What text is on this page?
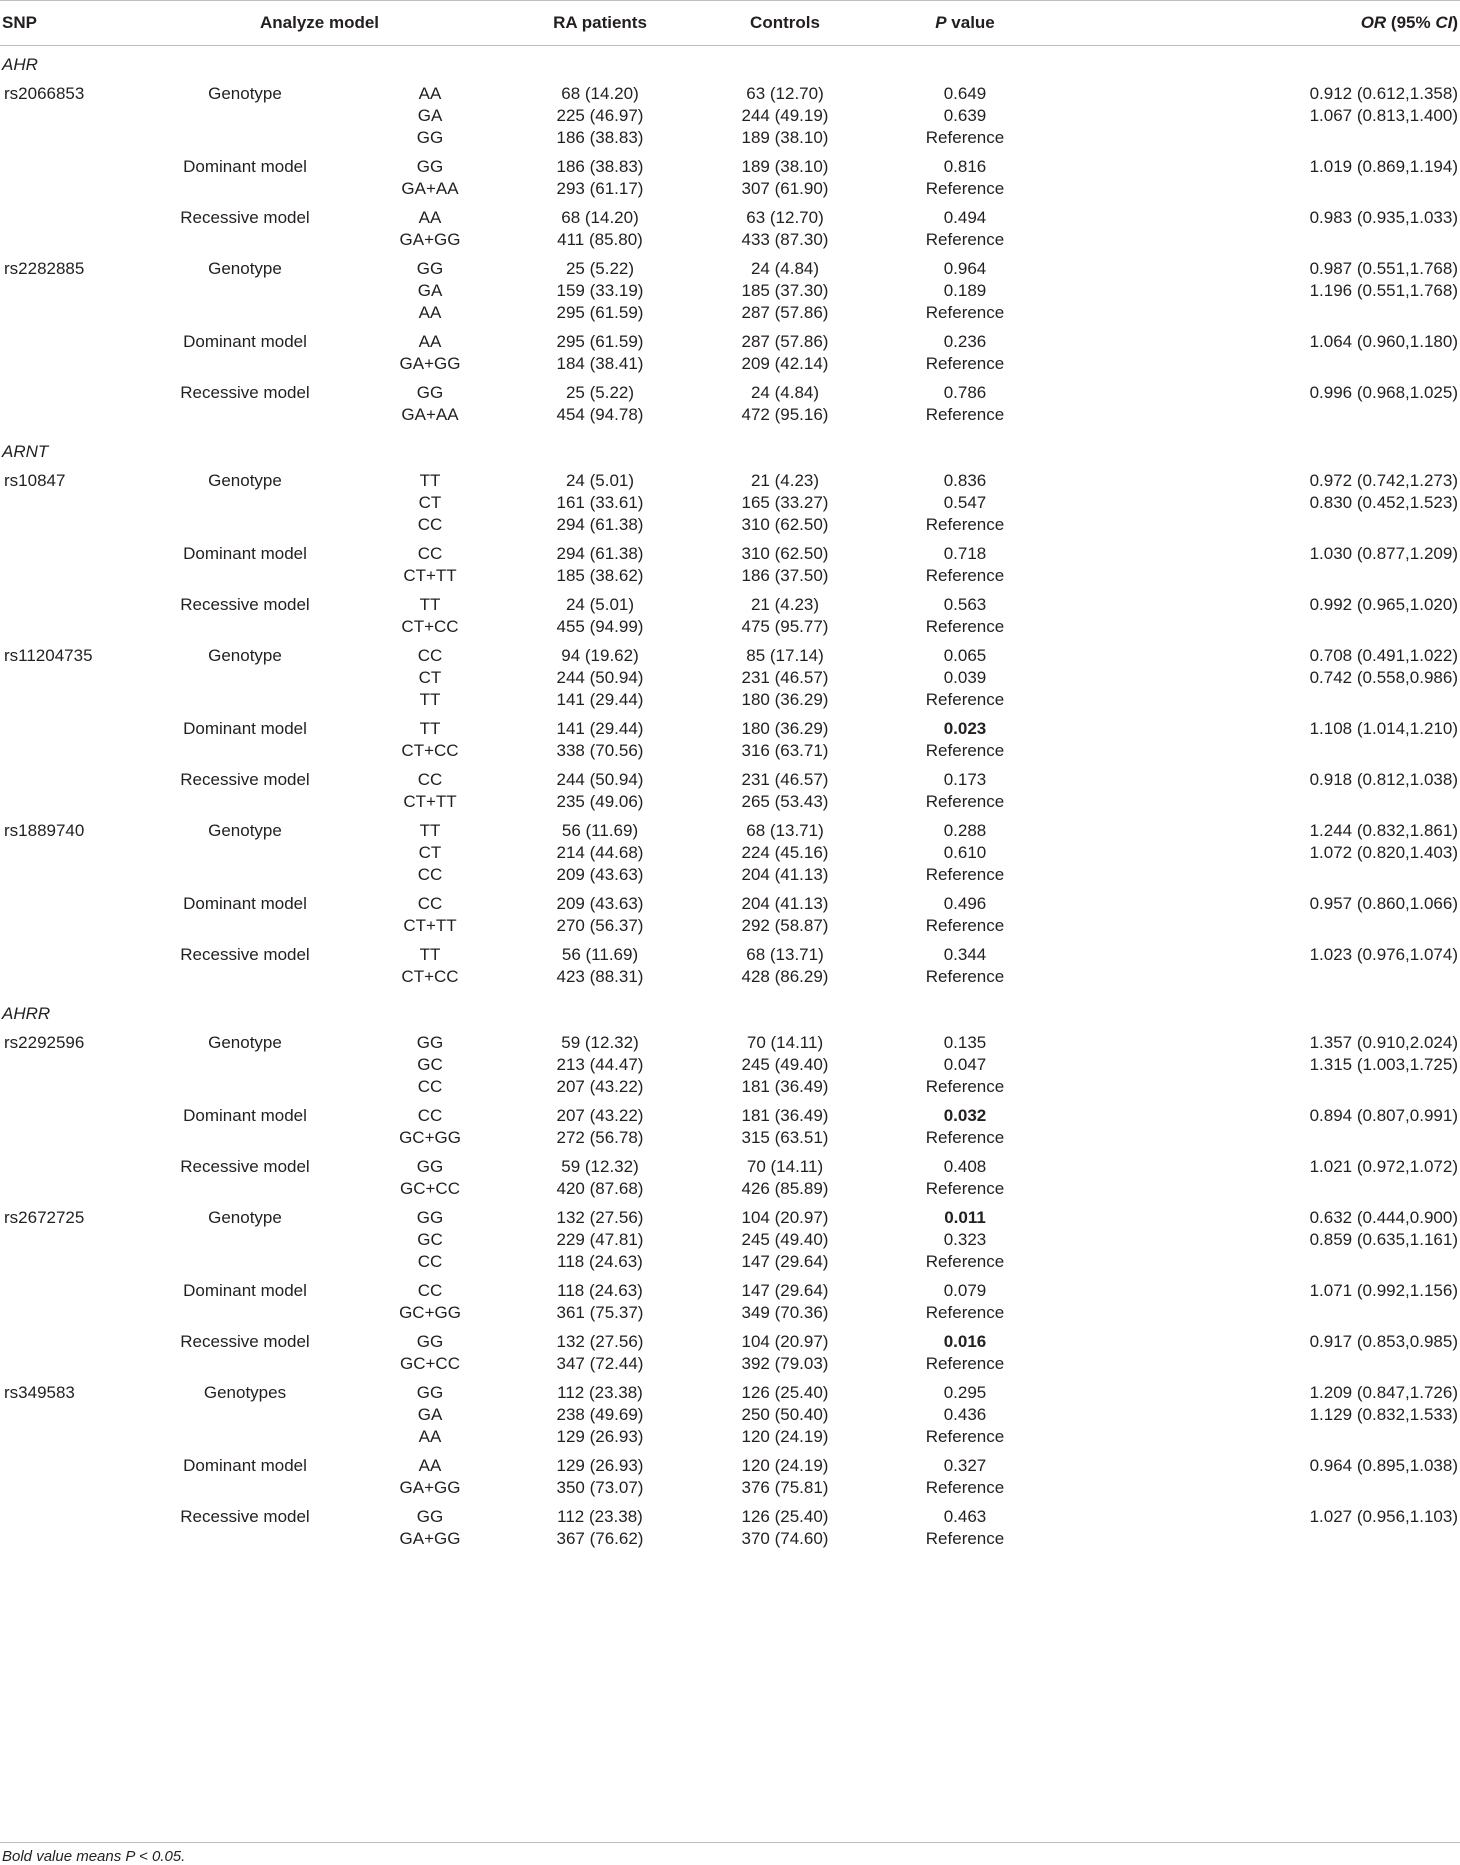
SNP	Analyze model	RA patients	Controls	P value	OR (95% CI)
AHR
rs2066853	Genotype	AA	68 (14.20)	63 (12.70)	0.649	0.912 (0.612,1.358)
GA	225 (46.97)	244 (49.19)	0.639	1.067 (0.813,1.400)
GG	186 (38.83)	189 (38.10)	Reference
Dominant model	GG	186 (38.83)	189 (38.10)	0.816	1.019 (0.869,1.194)
GA+AA	293 (61.17)	307 (61.90)	Reference
Recessive model	AA	68 (14.20)	63 (12.70)	0.494	0.983 (0.935,1.033)
GA+GG	411 (85.80)	433 (87.30)	Reference
rs2282885	Genotype	GG	25 (5.22)	24 (4.84)	0.964	0.987 (0.551,1.768)
GA	159 (33.19)	185 (37.30)	0.189	1.196 (0.551,1.768)
AA	295 (61.59)	287 (57.86)	Reference
Dominant model	AA	295 (61.59)	287 (57.86)	0.236	1.064 (0.960,1.180)
GA+GG	184 (38.41)	209 (42.14)	Reference
Recessive model	GG	25 (5.22)	24 (4.84)	0.786	0.996 (0.968,1.025)
GA+AA	454 (94.78)	472 (95.16)	Reference
ARNT
rs10847	Genotype	TT	24 (5.01)	21 (4.23)	0.836	0.972 (0.742,1.273)
CT	161 (33.61)	165 (33.27)	0.547	0.830 (0.452,1.523)
CC	294 (61.38)	310 (62.50)	Reference
Dominant model	CC	294 (61.38)	310 (62.50)	0.718	1.030 (0.877,1.209)
CT+TT	185 (38.62)	186 (37.50)	Reference
Recessive model	TT	24 (5.01)	21 (4.23)	0.563	0.992 (0.965,1.020)
CT+CC	455 (94.99)	475 (95.77)	Reference
rs11204735	Genotype	CC	94 (19.62)	85 (17.14)	0.065	0.708 (0.491,1.022)
CT	244 (50.94)	231 (46.57)	0.039	0.742 (0.558,0.986)
TT	141 (29.44)	180 (36.29)	Reference
Dominant model	TT	141 (29.44)	180 (36.29)	0.023	1.108 (1.014,1.210)
CT+CC	338 (70.56)	316 (63.71)	Reference
Recessive model	CC	244 (50.94)	231 (46.57)	0.173	0.918 (0.812,1.038)
CT+TT	235 (49.06)	265 (53.43)	Reference
rs1889740	Genotype	TT	56 (11.69)	68 (13.71)	0.288	1.244 (0.832,1.861)
CT	214 (44.68)	224 (45.16)	0.610	1.072 (0.820,1.403)
CC	209 (43.63)	204 (41.13)	Reference
Dominant model	CC	209 (43.63)	204 (41.13)	0.496	0.957 (0.860,1.066)
CT+TT	270 (56.37)	292 (58.87)	Reference
Recessive model	TT	56 (11.69)	68 (13.71)	0.344	1.023 (0.976,1.074)
CT+CC	423 (88.31)	428 (86.29)	Reference
AHRR
rs2292596	Genotype	GG	59 (12.32)	70 (14.11)	0.135	1.357 (0.910,2.024)
GC	213 (44.47)	245 (49.40)	0.047	1.315 (1.003,1.725)
CC	207 (43.22)	181 (36.49)	Reference
Dominant model	CC	207 (43.22)	181 (36.49)	0.032	0.894 (0.807,0.991)
GC+GG	272 (56.78)	315 (63.51)	Reference
Recessive model	GG	59 (12.32)	70 (14.11)	0.408	1.021 (0.972,1.072)
GC+CC	420 (87.68)	426 (85.89)	Reference
rs2672725	Genotype	GG	132 (27.56)	104 (20.97)	0.011	0.632 (0.444,0.900)
GC	229 (47.81)	245 (49.40)	0.323	0.859 (0.635,1.161)
CC	118 (24.63)	147 (29.64)	Reference
Dominant model	CC	118 (24.63)	147 (29.64)	0.079	1.071 (0.992,1.156)
GC+GG	361 (75.37)	349 (70.36)	Reference
Recessive model	GG	132 (27.56)	104 (20.97)	0.016	0.917 (0.853,0.985)
GC+CC	347 (72.44)	392 (79.03)	Reference
rs349583	Genotypes	GG	112 (23.38)	126 (25.40)	0.295	1.209 (0.847,1.726)
GA	238 (49.69)	250 (50.40)	0.436	1.129 (0.832,1.533)
AA	129 (26.93)	120 (24.19)	Reference
Dominant model	AA	129 (26.93)	120 (24.19)	0.327	0.964 (0.895,1.038)
GA+GG	350 (73.07)	376 (75.81)	Reference
Recessive model	GG	112 (23.38)	126 (25.40)	0.463	1.027 (0.956,1.103)
GA+GG	367 (76.62)	370 (74.60)	Reference
Bold value means P < 0.05.
